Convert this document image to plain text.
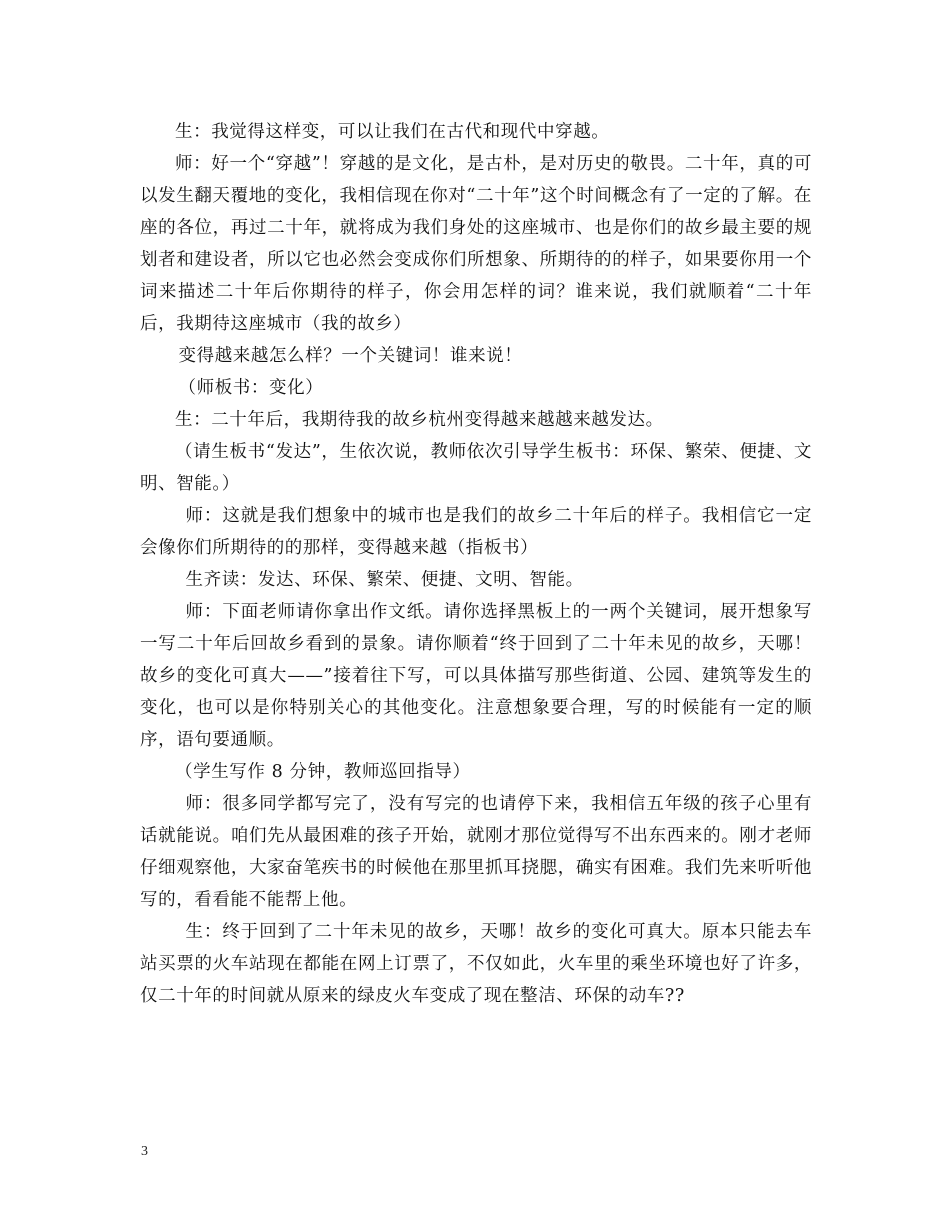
生：我觉得这样变，可以让我们在古代和现代中穿越。

师：好一个“穿越”！穿越的是文化，是古朴，是对历史的敬畏。二十年，真的可以发生翻天覆地的变化，我相信现在你对“二十年”这个时间概念有了一定的了解。在座的各位，再过二十年，就将成为我们身处的这座城市、也是你们的故乡最主要的规划者和建设者，所以它也必然会变成你们所想象、所期待的的样子，如果要你用一个词来描述二十年后你期待的样子，你会用怎样的词？谁来说，我们就顺着“二十年后，我期待这座城市（我的故乡）

变得越来越怎么样？一个关键词！谁来说！

（师板书：变化）

生：二十年后，我期待我的故乡杭州变得越来越越来越发达。

（请生板书“发达”，生依次说，教师依次引导学生板书：环保、繁荣、便捷、文明、智能。）

师：这就是我们想象中的城市也是我们的故乡二十年后的样子。我相信它一定会像你们所期待的的那样，变得越来越（指板书）

生齐读：发达、环保、繁荣、便捷、文明、智能。

师：下面老师请你拿出作文纸。请你选择黑板上的一两个关键词，展开想象写一写二十年后回故乡看到的景象。请你顺着“终于回到了二十年未见的故乡，天哪！故乡的变化可真大——”接着往下写，可以具体描写那些街道、公园、建筑等发生的变化，也可以是你特别关心的其他变化。注意想象要合理，写的时候能有一定的顺序，语句要通顺。

（学生写作 8 分钟，教师巡回指导）

师：很多同学都写完了，没有写完的也请停下来，我相信五年级的孩子心里有话就能说。咱们先从最困难的孩子开始，就刚才那位觉得写不出东西来的。刚才老师仔细观察他，大家奋笔疾书的时候他在那里抓耳挠腮，确实有困难。我们先来听听他写的，看看能不能帮上他。

生：终于回到了二十年未见的故乡，天哪！故乡的变化可真大。原本只能去车站买票的火车站现在都能在网上订票了，不仅如此，火车里的乘坐环境也好了许多，仅二十年的时间就从原来的绿皮火车变成了现在整洁、环保的动车??

3
